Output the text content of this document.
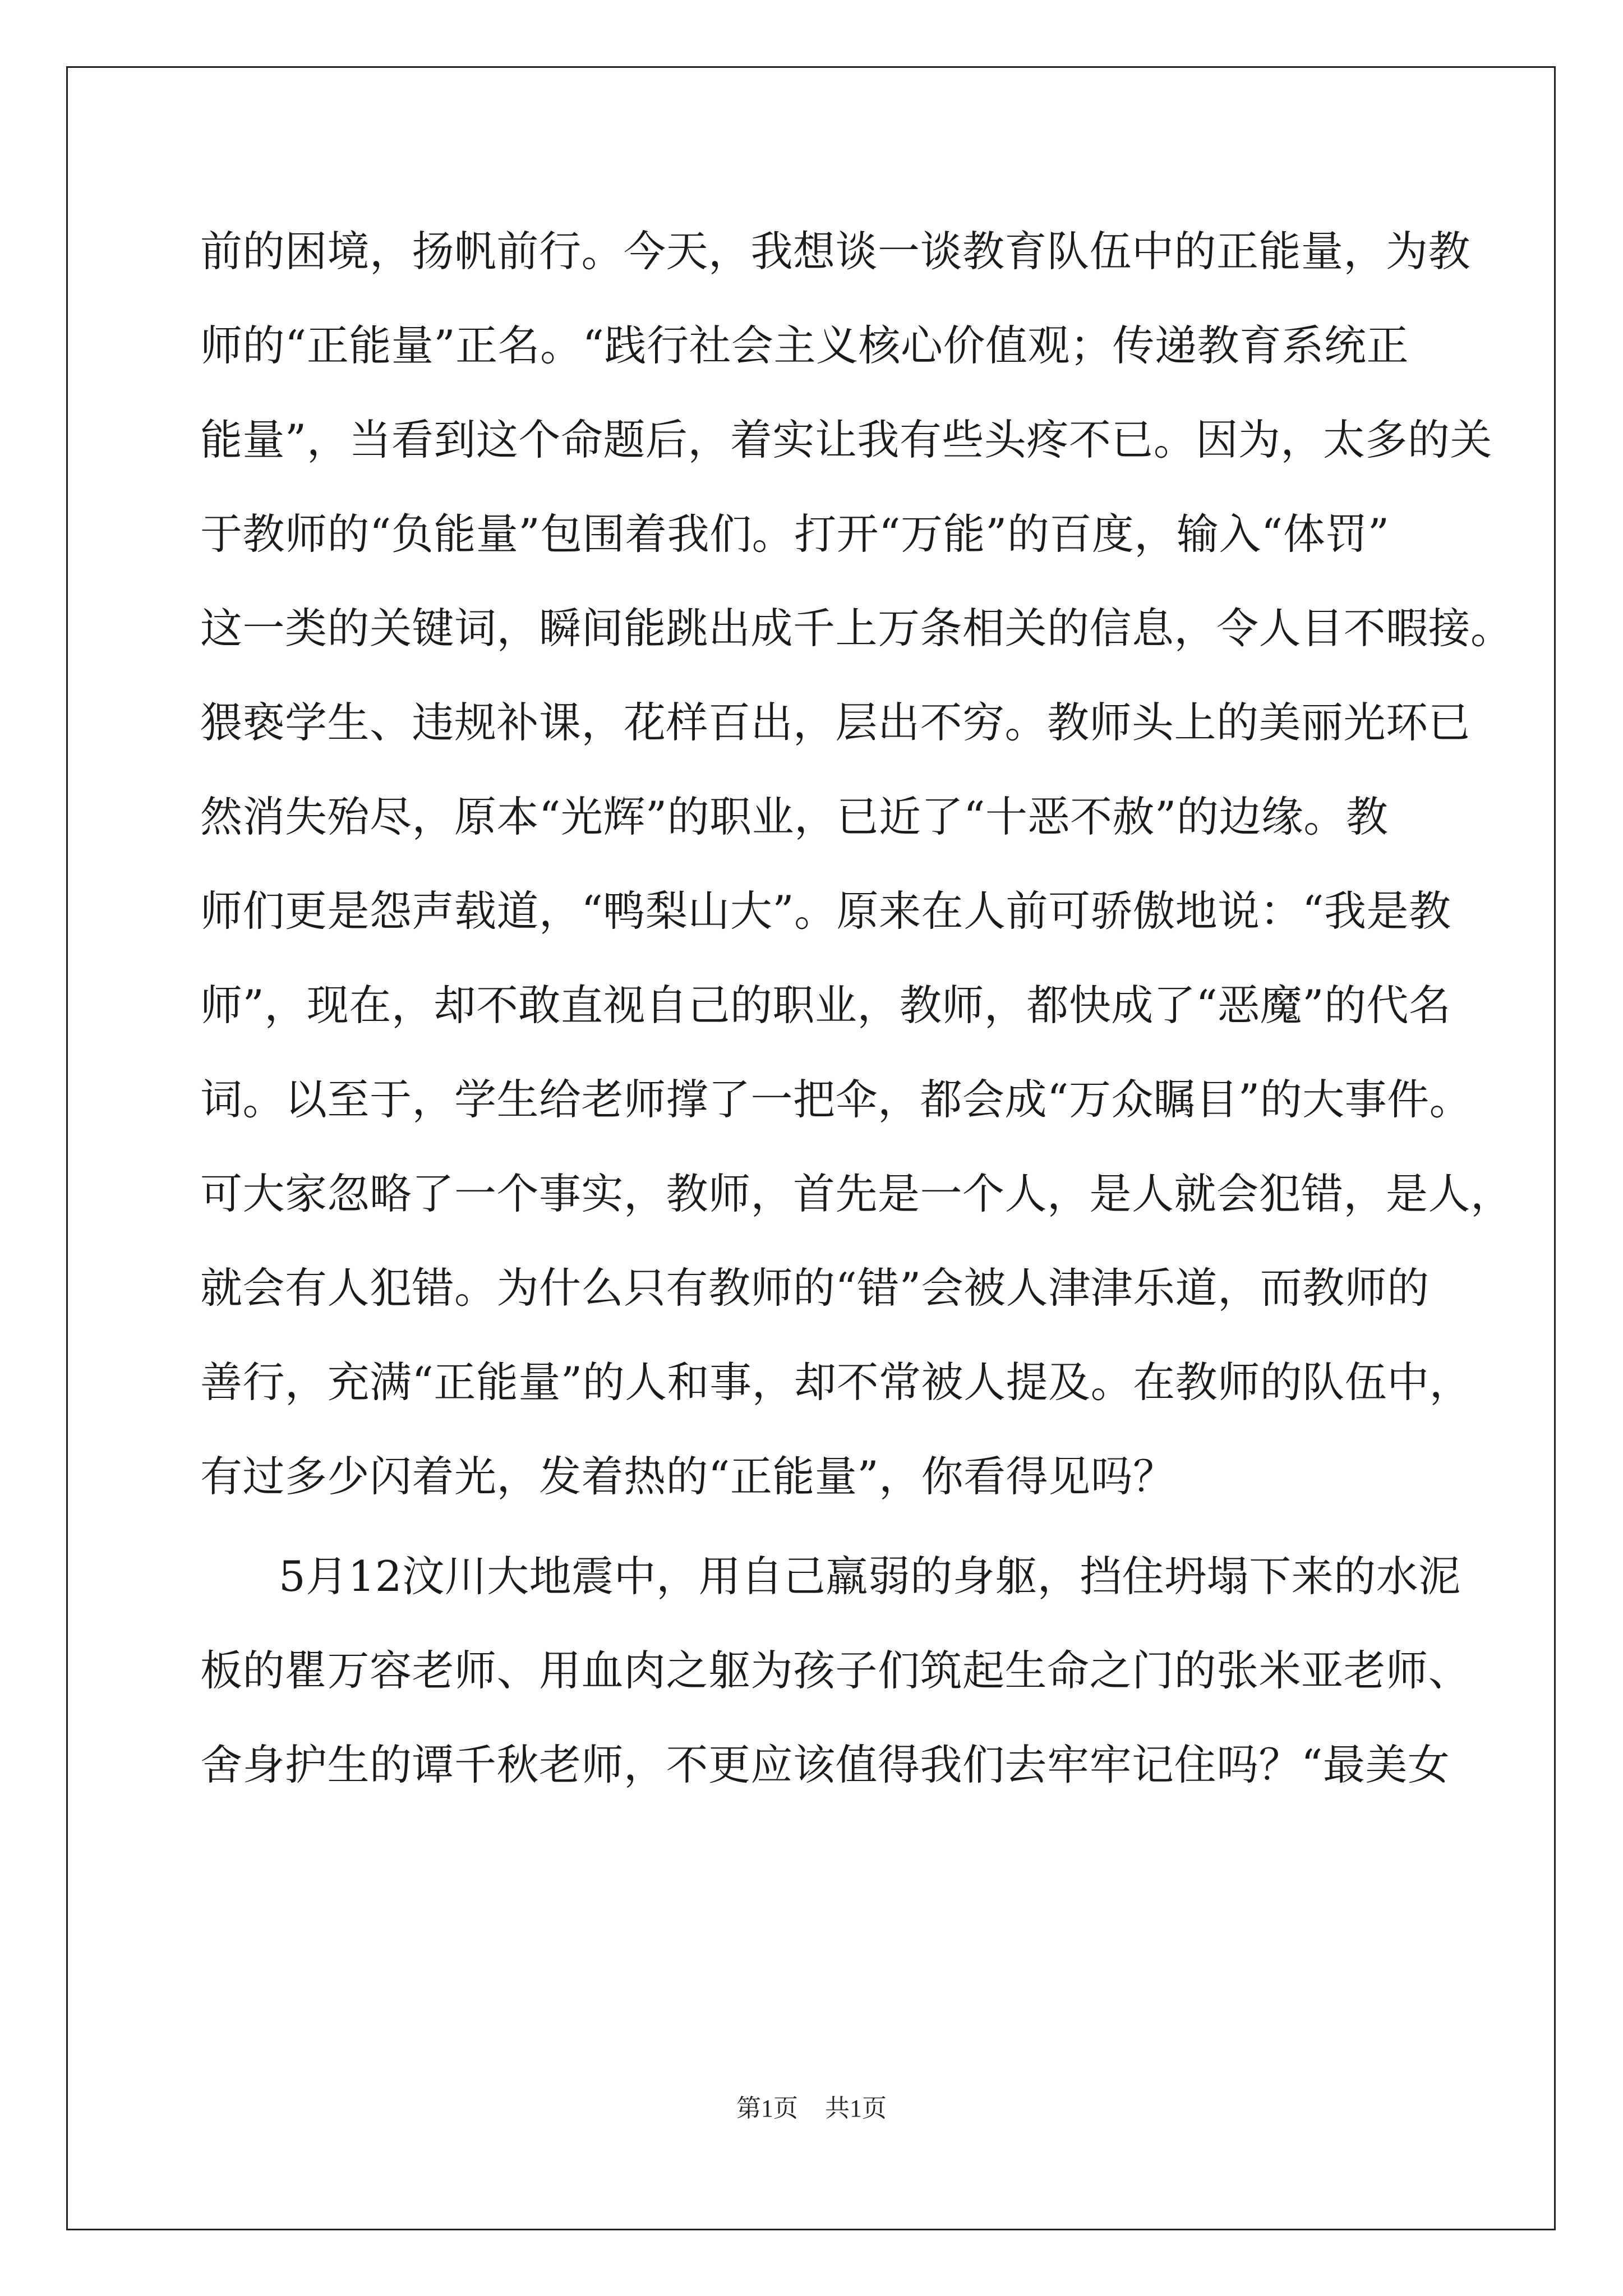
前的困境，扬帆前行。今天，我想谈一谈教育队伍中的正能量，为教
师的“正能量”正名。“践行社会主义核心价值观；传递教育系统正
能量”，当看到这个命题后，着实让我有些头疼不已。因为，太多的关
于教师的“负能量”包围着我们。打开“万能”的百度，输入“体罚”
这一类的关键词，瞬间能跳出成千上万条相关的信息，令人目不暇接。
猥亵学生、违规补课，花样百出，层出不穷。教师头上的美丽光环已
然消失殆尽，原本“光辉”的职业，已近了“十恶不赦”的边缘。教
师们更是怨声载道，“鸭梨山大”。原来在人前可骄傲地说：“我是教
师”，现在，却不敢直视自己的职业，教师，都快成了“恶魔”的代名
词。以至于，学生给老师撑了一把伞，都会成“万众瞩目”的大事件。
可大家忽略了一个事实，教师，首先是一个人，是人就会犯错，是人，
就会有人犯错。为什么只有教师的“错”会被人津津乐道，而教师的
善行，充满“正能量”的人和事，却不常被人提及。在教师的队伍中，
有过多少闪着光，发着热的“正能量”，你看得见吗？
5月12汶川大地震中，用自己羸弱的身躯，挡住坍塌下来的水泥
板的瞿万容老师、用血肉之躯为孩子们筑起生命之门的张米亚老师、
舍身护生的谭千秋老师，不更应该值得我们去牢牢记住吗？“最美女
第1页 共1页
